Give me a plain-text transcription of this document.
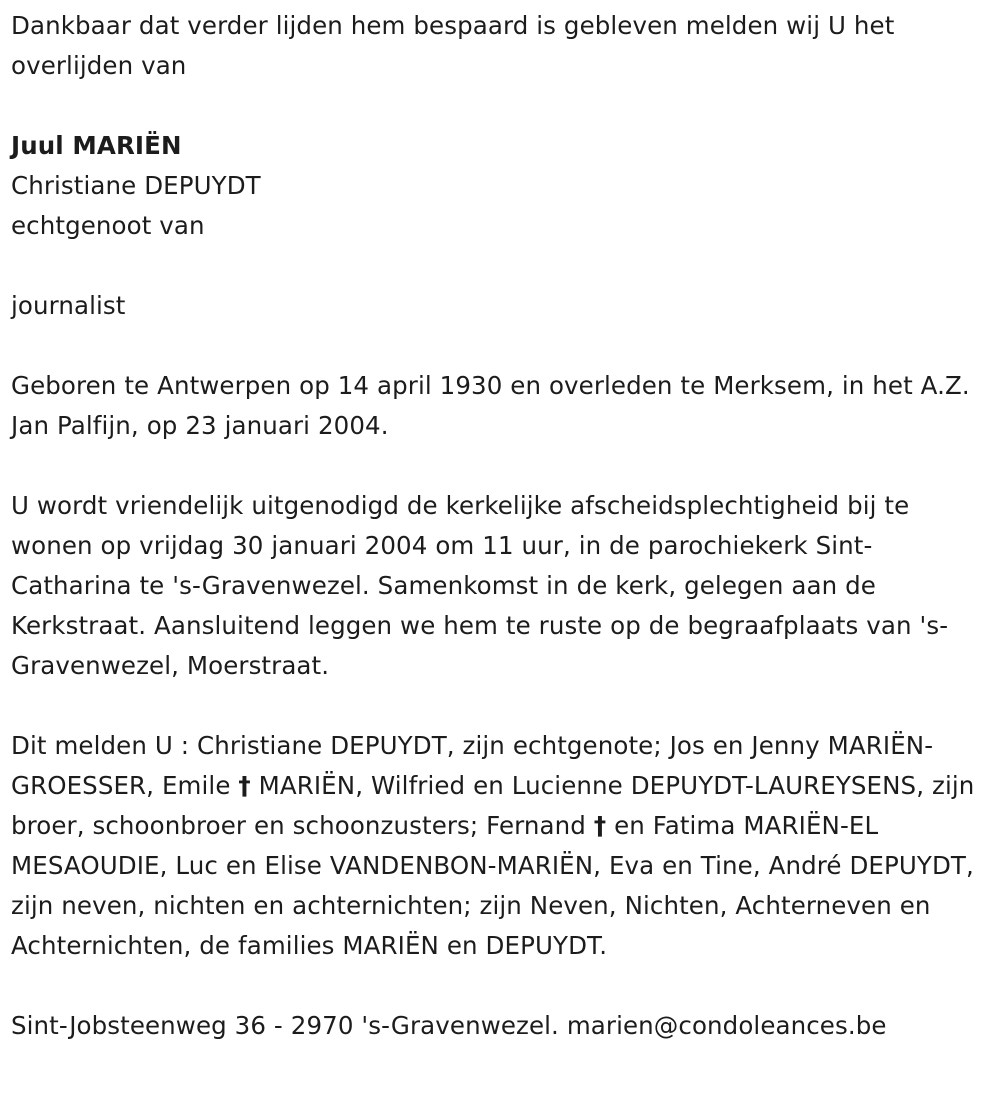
Dankbaar dat verder lijden hem bespaard is gebleven melden wij U het overlijden van

Juul MARIËN

Christiane DEPUYDT

echtgenoot van

journalist

Geboren te Antwerpen op 14 april 1930 en overleden te Merksem, in het A.Z. Jan Palfijn, op 23 januari 2004.

U wordt vriendelijk uitgenodigd de kerkelijke afscheidsplechtigheid bij te wonen op vrijdag 30 januari 2004 om 11 uur, in de parochiekerk Sint-Catharina te 's-Gravenwezel. Samenkomst in de kerk, gelegen aan de Kerkstraat. Aansluitend leggen we hem te ruste op de begraafplaats van 's-Gravenwezel, Moerstraat.

Dit melden U : Christiane DEPUYDT, zijn echtgenote; Jos en Jenny MARIËN-GROESSER, Emile † MARIËN, Wilfried en Lucienne DEPUYDT-LAUREYSENS, zijn broer, schoonbroer en schoonzusters; Fernand † en Fatima MARIËN-EL MESAOUDIE, Luc en Elise VANDENBON-MARIËN, Eva en Tine, André DEPUYDT, zijn neven, nichten en achternichten; zijn Neven, Nichten, Achterneven en Achternichten, de families MARIËN en DEPUYDT.

Sint-Jobsteenweg 36 - 2970 's-Gravenwezel. marien@condoleances.be
